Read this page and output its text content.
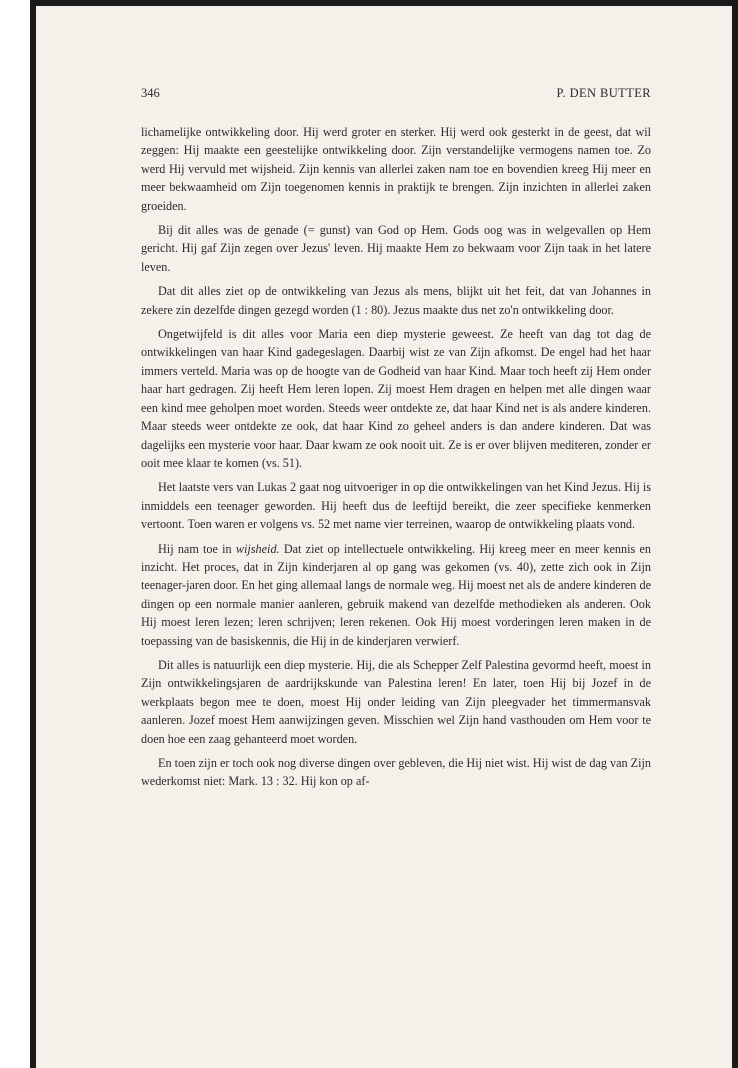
346	P. DEN BUTTER

lichamelijke ontwikkeling door. Hij werd groter en sterker. Hij werd ook gesterkt in de geest, dat wil zeggen: Hij maakte een geestelijke ontwikkeling door. Zijn verstandelijke vermogens namen toe. Zo werd Hij vervuld met wijsheid. Zijn kennis van allerlei zaken nam toe en bovendien kreeg Hij meer en meer bekwaamheid om Zijn toegenomen kennis in praktijk te brengen. Zijn inzichten in allerlei zaken groeiden.

Bij dit alles was de genade (= gunst) van God op Hem. Gods oog was in welgevallen op Hem gericht. Hij gaf Zijn zegen over Jezus' leven. Hij maakte Hem zo bekwaam voor Zijn taak in het latere leven.

Dat dit alles ziet op de ontwikkeling van Jezus als mens, blijkt uit het feit, dat van Johannes in zekere zin dezelfde dingen gezegd worden (1 : 80). Jezus maakte dus net zo'n ontwikkeling door.

Ongetwijfeld is dit alles voor Maria een diep mysterie geweest. Ze heeft van dag tot dag de ontwikkelingen van haar Kind gadegeslagen. Daarbij wist ze van Zijn afkomst. De engel had het haar immers verteld. Maria was op de hoogte van de Godheid van haar Kind. Maar toch heeft zij Hem onder haar hart gedragen. Zij heeft Hem leren lopen. Zij moest Hem dragen en helpen met alle dingen waar een kind mee geholpen moet worden. Steeds weer ontdekte ze, dat haar Kind net is als andere kinderen. Maar steeds weer ontdekte ze ook, dat haar Kind zo geheel anders is dan andere kinderen. Dat was dagelijks een mysterie voor haar. Daar kwam ze ook nooit uit. Ze is er over blijven mediteren, zonder er ooit mee klaar te komen (vs. 51).

Het laatste vers van Lukas 2 gaat nog uitvoeriger in op die ontwikkelingen van het Kind Jezus. Hij is inmiddels een teenager geworden. Hij heeft dus de leeftijd bereikt, die zeer specifieke kenmerken vertoont. Toen waren er volgens vs. 52 met name vier terreinen, waarop de ontwikkeling plaats vond.

Hij nam toe in wijsheid. Dat ziet op intellectuele ontwikkeling. Hij kreeg meer en meer kennis en inzicht. Het proces, dat in Zijn kinderjaren al op gang was gekomen (vs. 40), zette zich ook in Zijn teenager-jaren door. En het ging allemaal langs de normale weg. Hij moest net als de andere kinderen de dingen op een normale manier aanleren, gebruik makend van dezelfde methodieken als anderen. Ook Hij moest leren lezen; leren schrijven; leren rekenen. Ook Hij moest vorderingen leren maken in de toepassing van de basiskennis, die Hij in de kinderjaren verwierf.

Dit alles is natuurlijk een diep mysterie. Hij, die als Schepper Zelf Palestina gevormd heeft, moest in Zijn ontwikkelingsjaren de aardrijkskunde van Palestina leren! En later, toen Hij bij Jozef in de werkplaats begon mee te doen, moest Hij onder leiding van Zijn pleegvader het timmermansvak aanleren. Jozef moest Hem aanwijzingen geven. Misschien wel Zijn hand vasthouden om Hem voor te doen hoe een zaag gehanteerd moet worden.

En toen zijn er toch ook nog diverse dingen over gebleven, die Hij niet wist. Hij wist de dag van Zijn wederkomst niet: Mark. 13 : 32. Hij kon op af-
